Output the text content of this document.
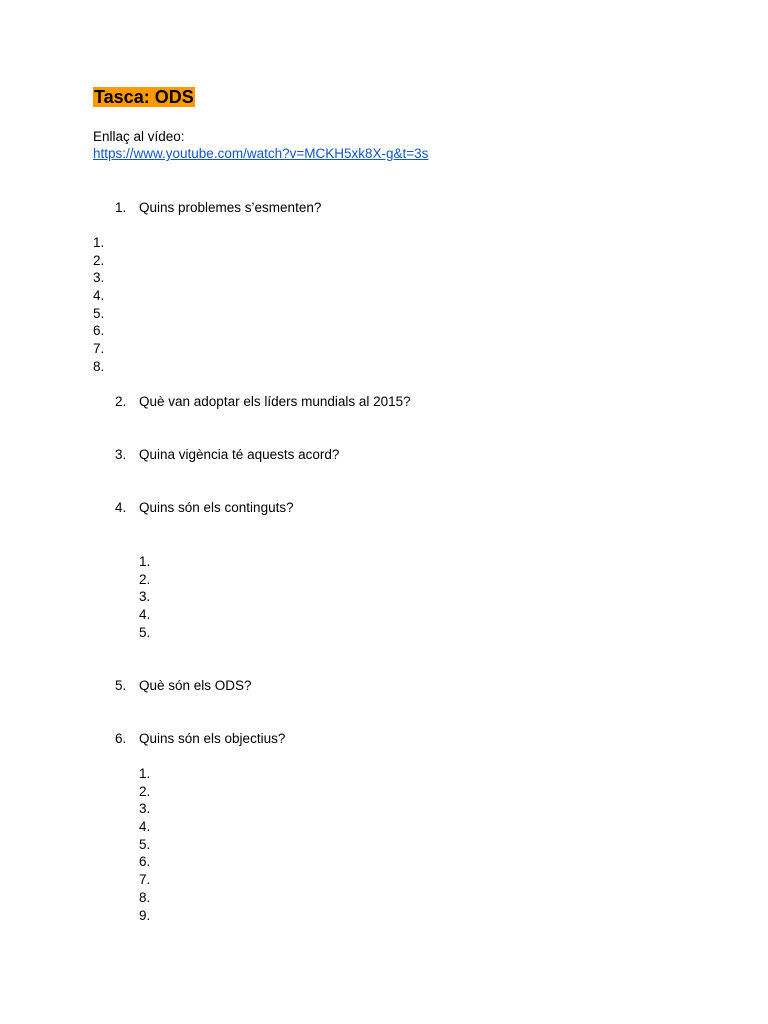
Tasca: ODS
Enllaç al vídeo:
https://www.youtube.com/watch?v=MCKH5xk8X-g&t=3s
1. Quins problemes s’esmenten?
1.
2.
3.
4.
5.
6.
7.
8.
2. Què van adoptar els líders mundials al 2015?
3. Quina vigència té aquests acord?
4. Quins són els continguts?
1.
2.
3.
4.
5.
5. Què són els ODS?
6. Quins són els objectius?
1.
2.
3.
4.
5.
6.
7.
8.
9.
